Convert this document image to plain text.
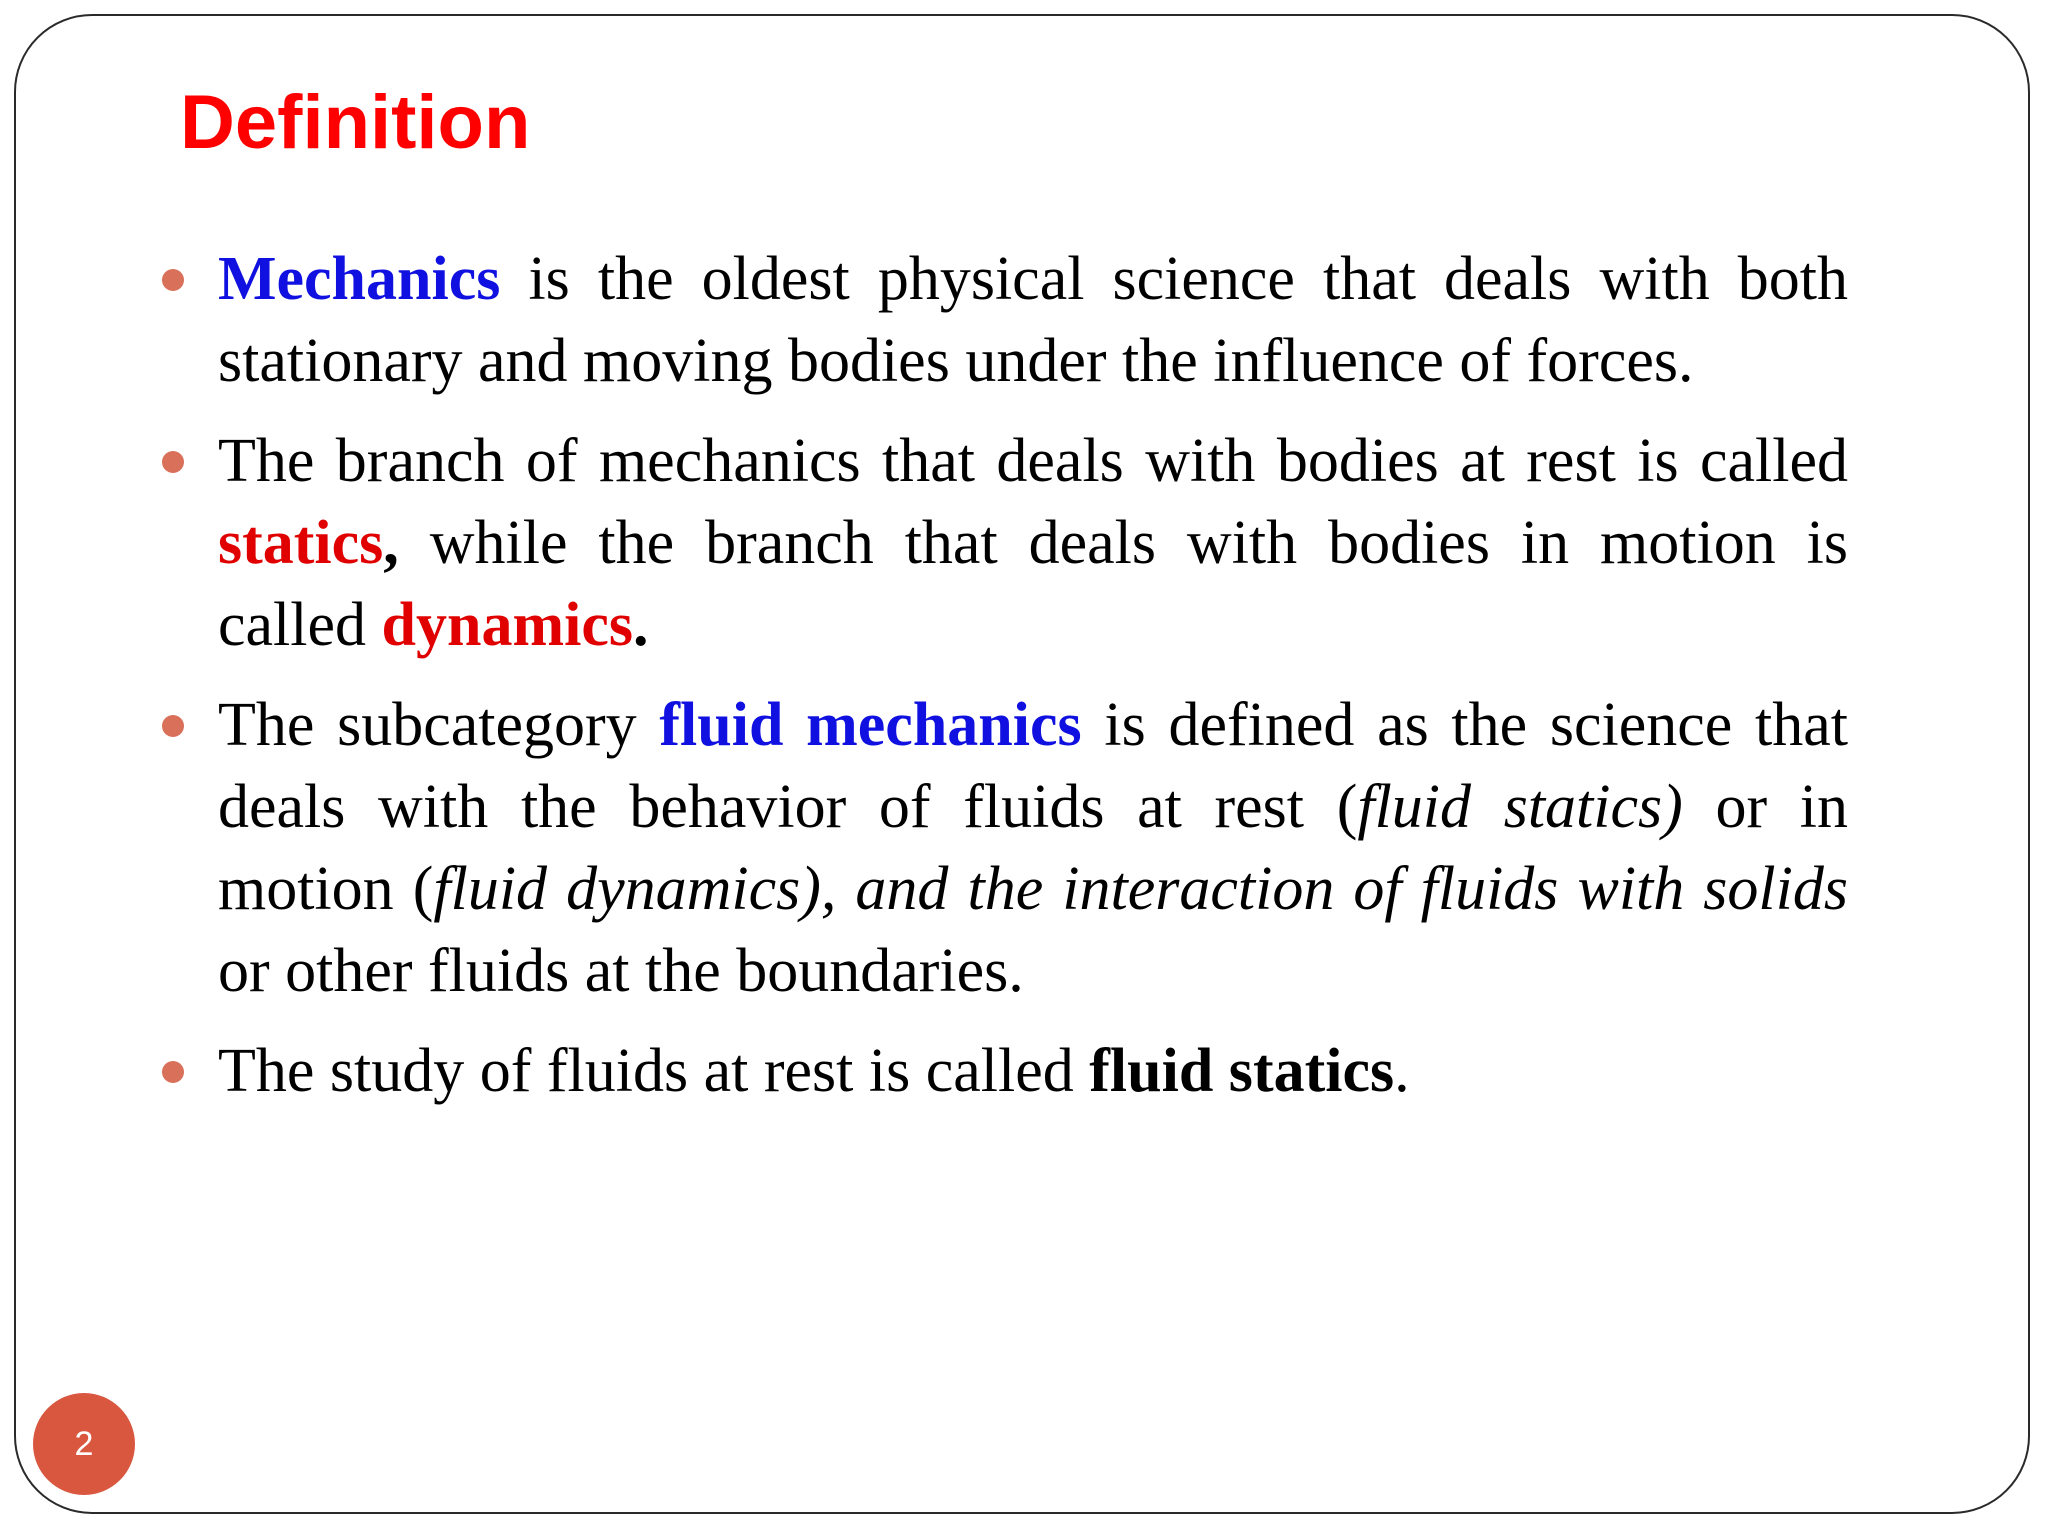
Definition
Mechanics is the oldest physical science that deals with both stationary and moving bodies under the influence of forces.
The branch of mechanics that deals with bodies at rest is called statics, while the branch that deals with bodies in motion is called dynamics.
The subcategory fluid mechanics is defined as the science that deals with the behavior of fluids at rest (fluid statics) or in motion (fluid dynamics), and the interaction of fluids with solids or other fluids at the boundaries.
The study of fluids at rest is called fluid statics.
2
